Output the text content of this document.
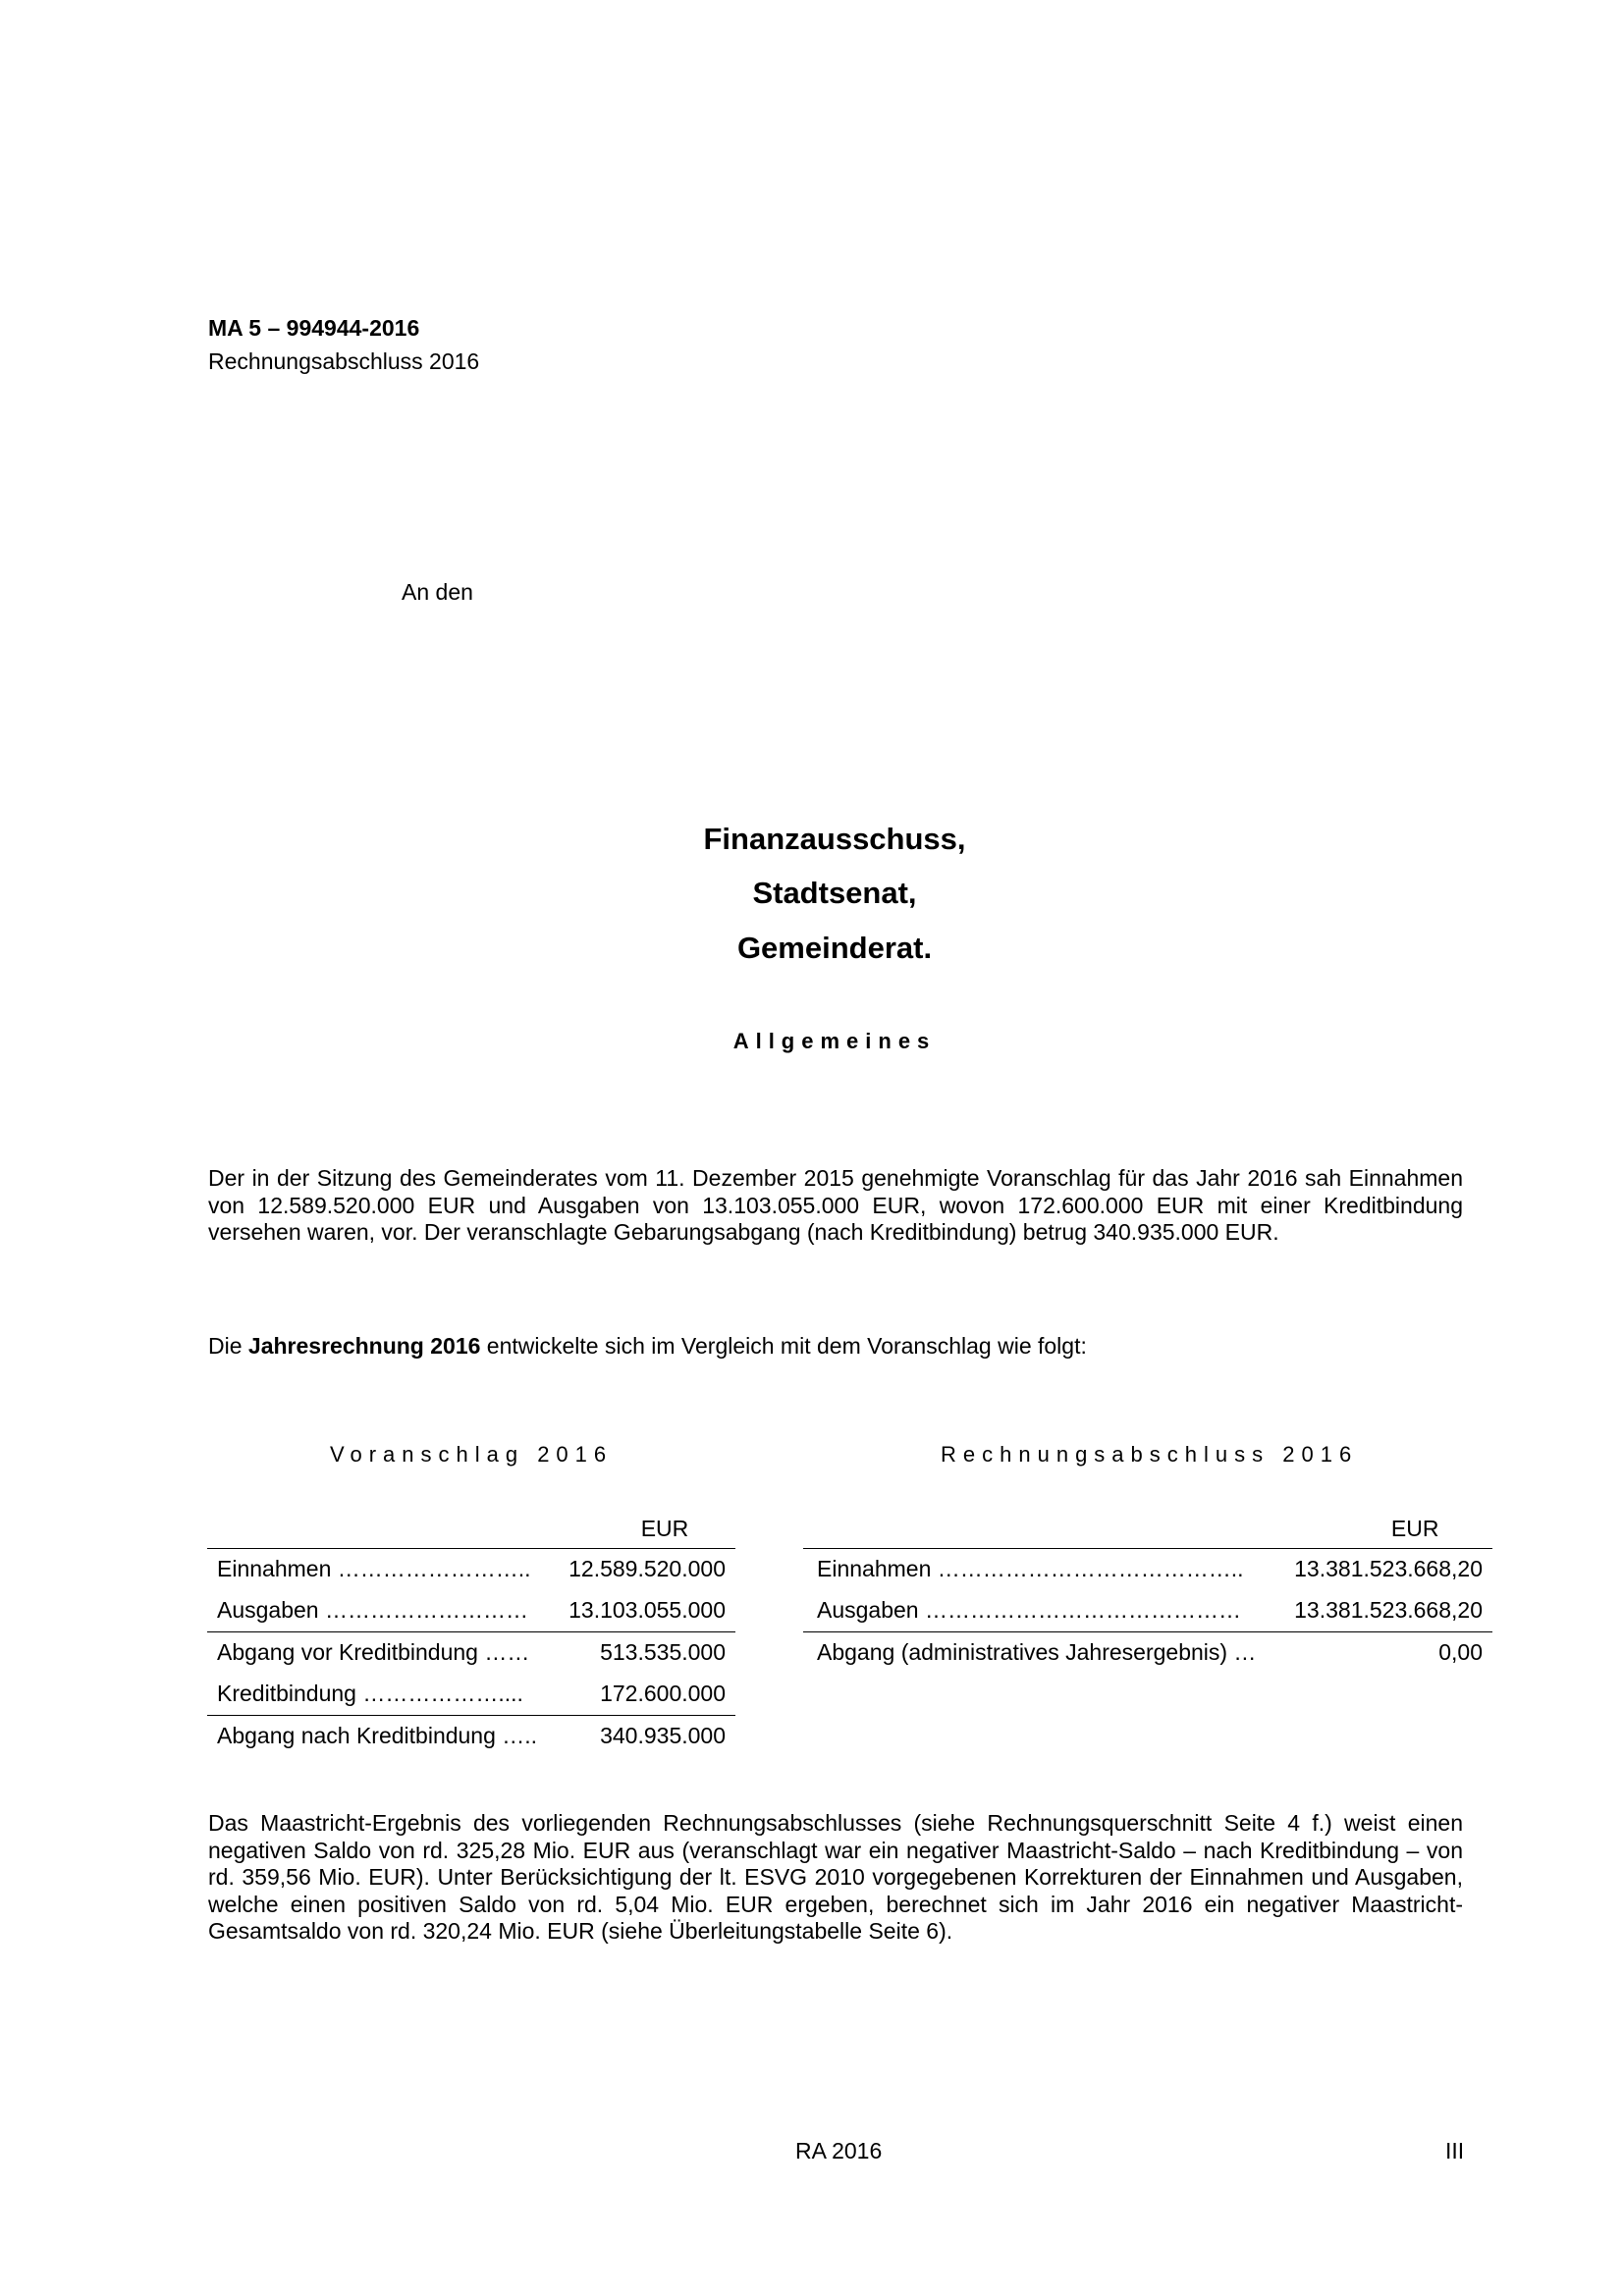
MA 5 – 994944-2016
Rechnungsabschluss 2016
An den
Finanzausschuss,
Stadtsenat,
Gemeinderat.
Allgemeines
Der in der Sitzung des Gemeinderates vom 11. Dezember 2015 genehmigte Voranschlag für das Jahr 2016 sah Einnahmen von 12.589.520.000 EUR und Ausgaben von 13.103.055.000 EUR, wovon 172.600.000 EUR mit einer Kreditbindung versehen waren, vor. Der veranschlagte Gebarungsabgang (nach Kreditbindung) betrug 340.935.000 EUR.
Die Jahresrechnung 2016 entwickelte sich im Vergleich mit dem Voranschlag wie folgt:
Voranschlag 2016	Rechnungsabschluss 2016
	EUR
Einnahmen ……………………..	12.589.520.000
Ausgaben ………………………	13.103.055.000
Abgang vor Kreditbindung ……	513.535.000
Kreditbindung ………………....	172.600.000
Abgang nach Kreditbindung …..	340.935.000
	EUR
Einnahmen …………………………………..	13.381.523.668,20
Ausgaben ……………………………………	13.381.523.668,20
Abgang (administratives Jahresergebnis) …	0,00
Das Maastricht-Ergebnis des vorliegenden Rechnungsabschlusses (siehe Rechnungsquerschnitt Seite 4 f.) weist einen negativen Saldo von rd. 325,28 Mio. EUR aus (veranschlagt war ein negativer Maastricht-Saldo – nach Kreditbindung – von rd. 359,56 Mio. EUR). Unter Berücksichtigung der lt. ESVG 2010 vorgegebenen Korrekturen der Einnahmen und Ausgaben, welche einen positiven Saldo von rd. 5,04 Mio. EUR ergeben, berechnet sich im Jahr 2016 ein negativer Maastricht-Gesamtsaldo von rd. 320,24 Mio. EUR (siehe Überleitungstabelle Seite 6).
RA 2016	III
